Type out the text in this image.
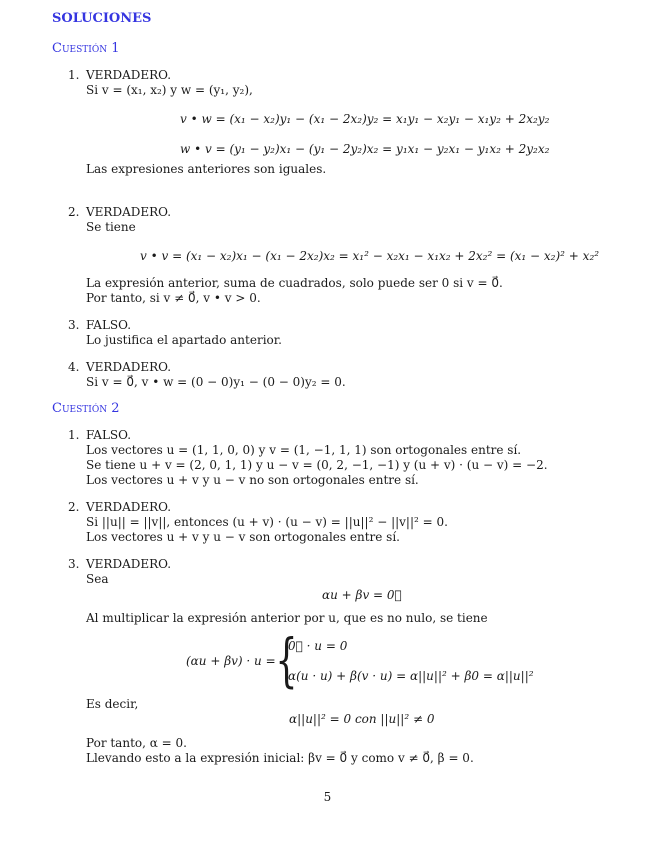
SOLUCIONES
Cuestión 1
1. VERDADERO.
Si v = (x₁, x₂) y w = (y₁, y₂),
v • w = (x₁ − x₂)y₁ − (x₁ − 2x₂)y₂ = x₁y₁ − x₂y₁ − x₁y₂ + 2x₂y₂
w • v = (y₁ − y₂)x₁ − (y₁ − 2y₂)x₂ = y₁x₁ − y₂x₁ − y₁x₂ + 2y₂x₂
Las expresiones anteriores son iguales.
2. VERDADERO.
Se tiene
v • v = (x₁ − x₂)x₁ − (x₁ − 2x₂)x₂ = x₁² − x₂x₁ − x₁x₂ + 2x₂² = (x₁ − x₂)² + x₂²
La expresión anterior, suma de cuadrados, solo puede ser 0 si v = 0⃗.
Por tanto, si v ≠ 0⃗, v • v > 0.
3. FALSO.
Lo justifica el apartado anterior.
4. VERDADERO.
Si v = 0⃗, v • w = (0 − 0)y₁ − (0 − 0)y₂ = 0.
Cuestión 2
1. FALSO.
Los vectores u = (1, 1, 0, 0) y v = (1, −1, 1, 1) son ortogonales entre sí.
Se tiene u + v = (2, 0, 1, 1) y u − v = (0, 2, −1, −1) y (u + v) · (u − v) = −2.
Los vectores u + v y u − v no son ortogonales entre sí.
2. VERDADERO.
Si ||u|| = ||v||, entonces (u + v) · (u − v) = ||u||² − ||v||² = 0.
Los vectores u + v y u − v son ortogonales entre sí.
3. VERDADERO.
Sea
αu + βv = 0⃗
Al multiplicar la expresión anterior por u, que es no nulo, se tiene
(αu + βv) · u = {
0⃗ · u = 0
α(u · u) + β(v · u) = α||u||² + β0 = α||u||²
Es decir,
α||u||² = 0 con ||u||² ≠ 0
Por tanto, α = 0.
Llevando esto a la expresión inicial: βv = 0⃗ y como v ≠ 0⃗, β = 0.
5
